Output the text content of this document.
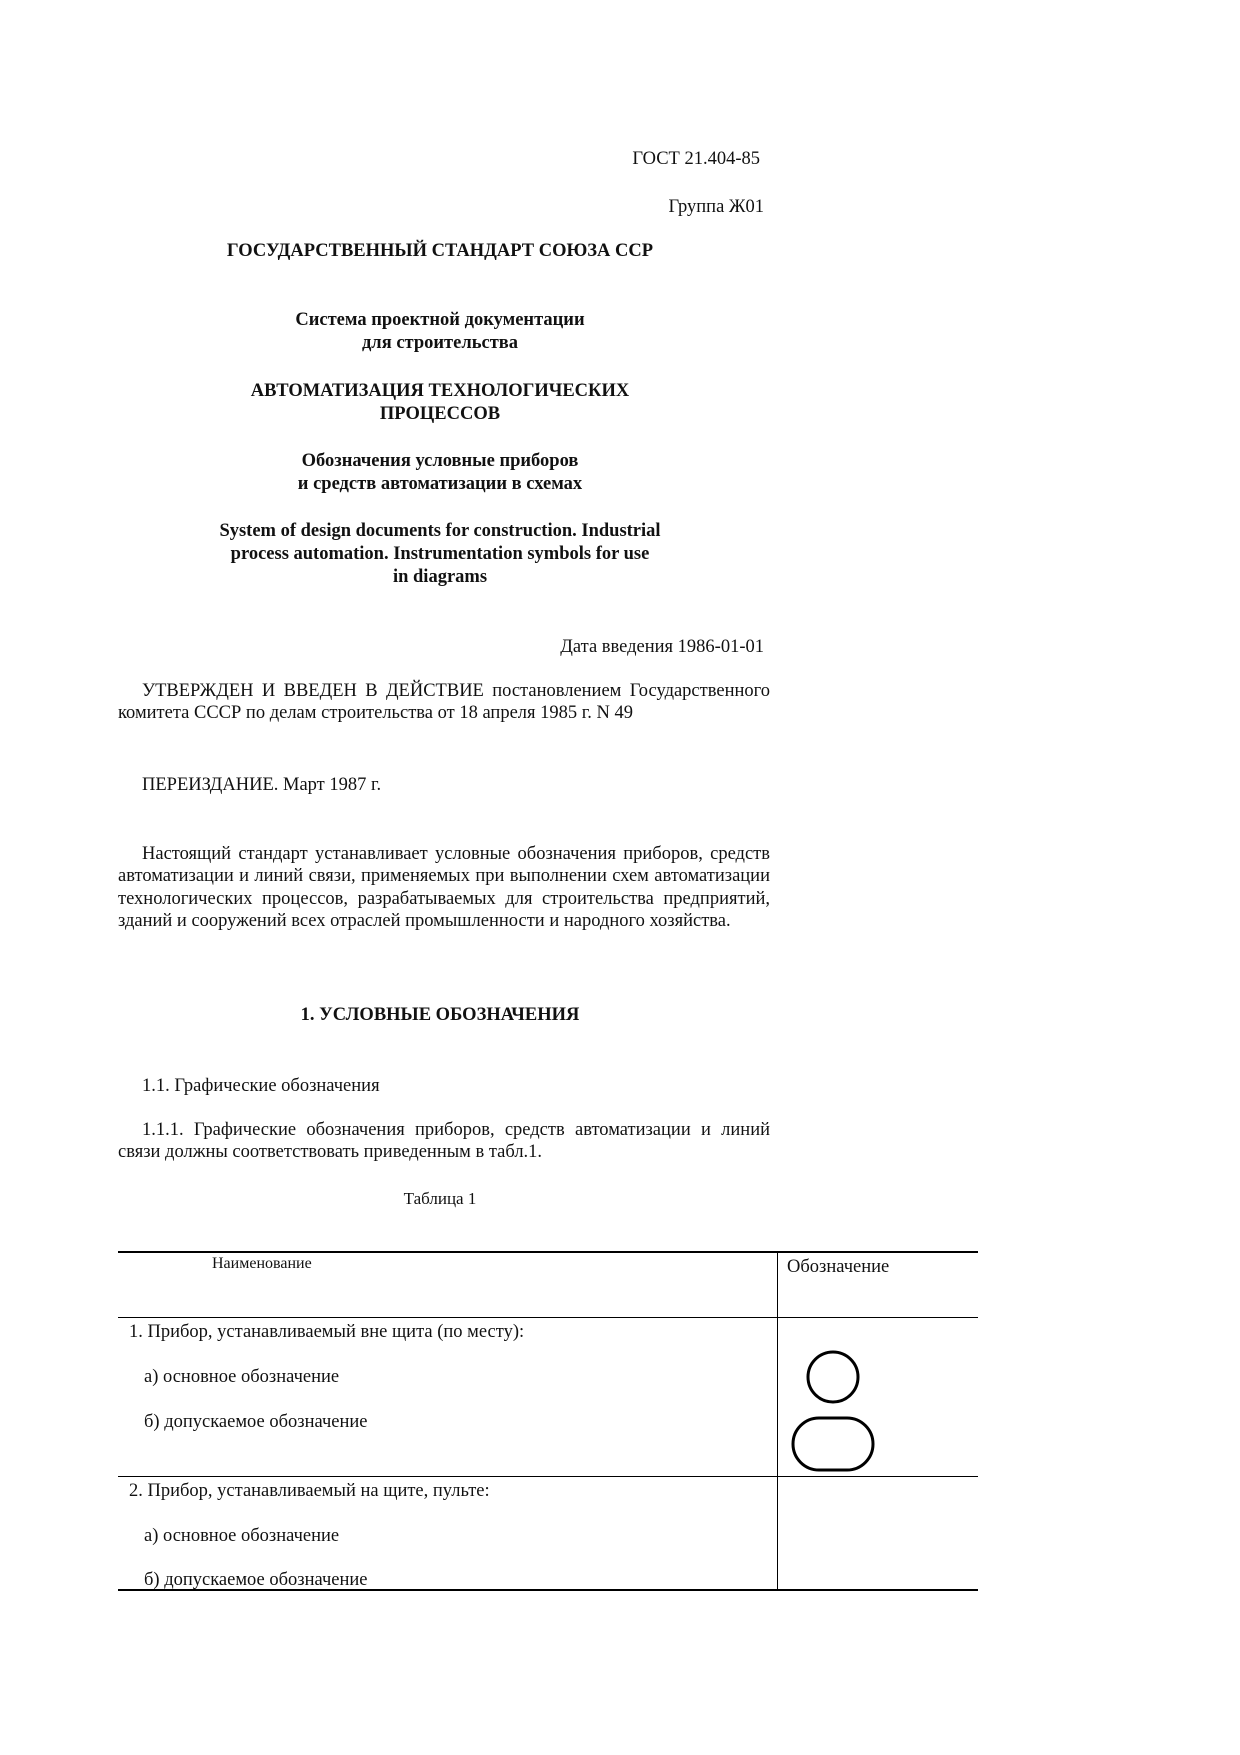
ГОСТ 21.404-85

Группа Ж01

ГОСУДАРСТВЕННЫЙ СТАНДАРТ СОЮЗА ССР

Система проектной документации

для строительства

АВТОМАТИЗАЦИЯ ТЕХНОЛОГИЧЕСКИХ

ПРОЦЕССОВ

Обозначения условные приборов

и средств автоматизации в схемах

System of design documents for construction. Industrial

process automation. Instrumentation symbols for use

in diagrams

Дата введения 1986-01-01

УТВЕРЖДЕН И ВВЕДЕН В ДЕЙСТВИЕ постановлением Государственного комитета СССР по делам строительства от 18 апреля 1985 г. N 49

ПЕРЕИЗДАНИЕ. Март 1987 г.

Настоящий стандарт устанавливает условные обозначения приборов, средств автоматизации и линий связи, применяемых при выполнении схем автоматизации технологических процессов, разрабатываемых для строительства предприятий, зданий и сооружений всех отраслей промышленности и народного хозяйства.

1. УСЛОВНЫЕ ОБОЗНАЧЕНИЯ

1.1. Графические обозначения

1.1.1. Графические обозначения приборов, средств автоматизации и линий связи должны соответствовать приведенным в табл.1.

Таблица 1

Наименование	Обозначение

1. Прибор, устанавливаемый вне щита (по месту):

а) основное обозначение

б) допускаемое обозначение

2. Прибор, устанавливаемый на щите, пульте:

а) основное обозначение

б) допускаемое обозначение
